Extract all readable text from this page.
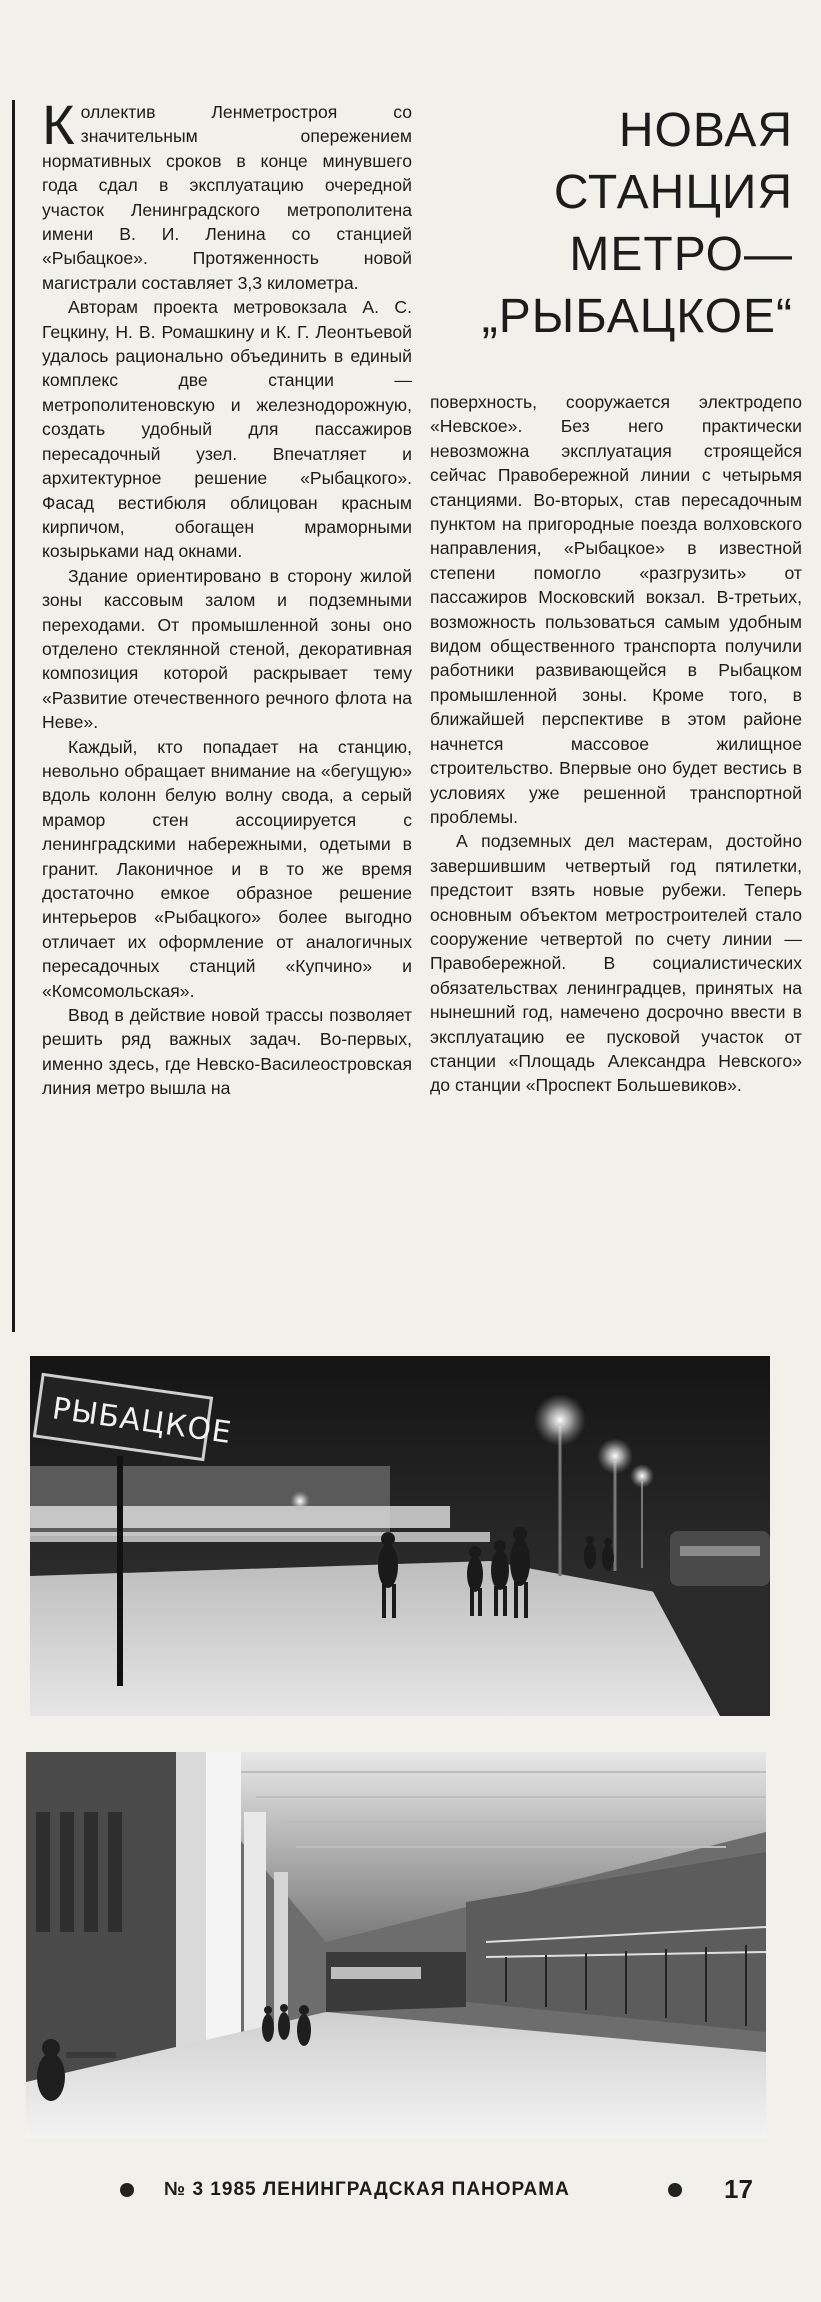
Коллектив Ленметростроя со значительным опережением нормативных сроков в конце минувшего года сдал в эксплуатацию очередной участок Ленинградского метрополитена имени В. И. Ленина со станцией «Рыбацкое». Протяженность новой магистрали составляет 3,3 километра.

Авторам проекта метровокзала А. С. Гецкину, Н. В. Ромашкину и К. Г. Леонтьевой удалось рационально объединить в единый комплекс две станции — метрополитеновскую и железнодорожную, создать удобный для пассажиров пересадочный узел. Впечатляет и архитектурное решение «Рыбацкого». Фасад вестибюля облицован красным кирпичом, обогащен мраморными козырьками над окнами.

Здание ориентировано в сторону жилой зоны кассовым залом и подземными переходами. От промышленной зоны оно отделено стеклянной стеной, декоративная композиция которой раскрывает тему «Развитие отечественного речного флота на Неве».

Каждый, кто попадает на станцию, невольно обращает внимание на «бегущую» вдоль колонн белую волну свода, а серый мрамор стен ассоциируется с ленинградскими набережными, одетыми в гранит. Лаконичное и в то же время достаточно емкое образное решение интерьеров «Рыбацкого» более выгодно отличает их оформление от аналогичных пересадочных станций «Купчино» и «Комсомольская».

Ввод в действие новой трассы позволяет решить ряд важных задач. Во-первых, именно здесь, где Невско-Василеостровская линия метро вышла на

НОВАЯ
СТАНЦИЯ
МЕТРО—
„РЫБАЦКОЕ“

поверхность, сооружается электродепо «Невское». Без него практически невозможна эксплуатация строящейся сейчас Правобережной линии с четырьмя станциями. Во-вторых, став пересадочным пунктом на пригородные поезда волховского направления, «Рыбацкое» в известной степени помогло «разгрузить» от пассажиров Московский вокзал. В-третьих, возможность пользоваться самым удобным видом общественного транспорта получили работники развивающейся в Рыбацком промышленной зоны. Кроме того, в ближайшей перспективе в этом районе начнется массовое жилищное строительство. Впервые оно будет вестись в условиях уже решенной транспортной проблемы.

А подземных дел мастерам, достойно завершившим четвертый год пятилетки, предстоит взять новые рубежи. Теперь основным объектом метростроителей стало сооружение четвертой по счету линии — Правобережной. В социалистических обязательствах ленинградцев, принятых на нынешний год, намечено досрочно ввести в эксплуатацию ее пусковой участок от станции «Площадь Александра Невского» до станции «Проспект Большевиков».

РЫБАЦКОЕ
№ 3 1985 ЛЕНИНГРАДСКАЯ ПАНОРАМА	17
